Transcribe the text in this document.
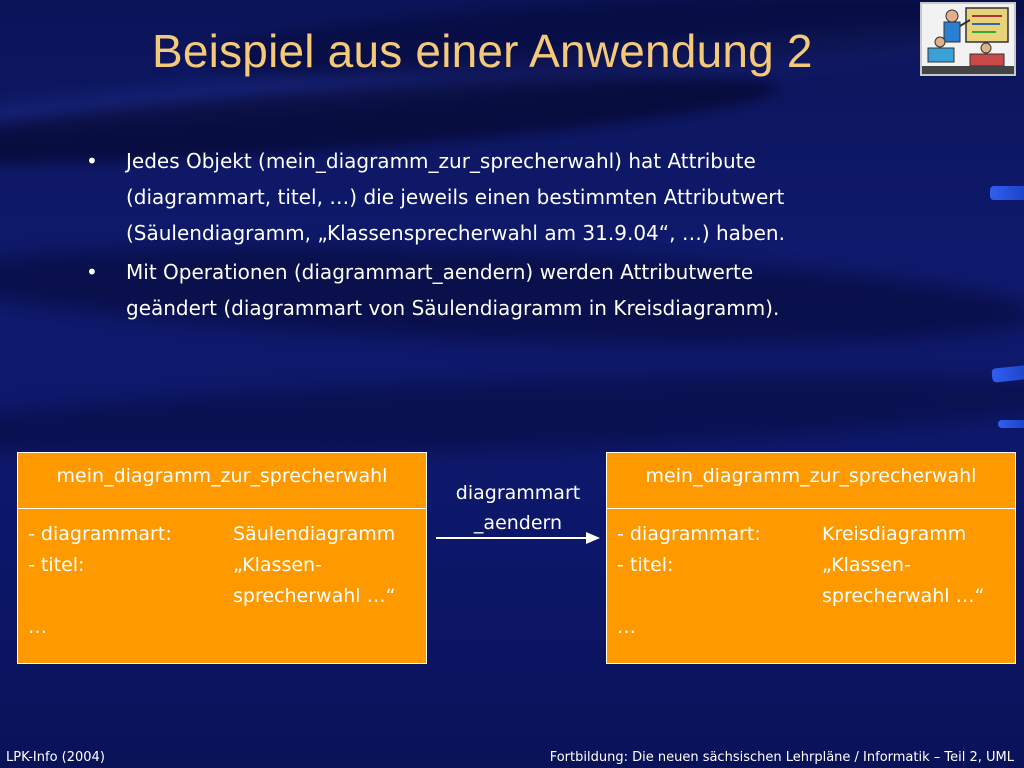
Beispiel aus einer Anwendung 2
• Jedes Objekt (mein_diagramm_zur_sprecherwahl) hat Attribute
(diagrammart, titel, …) die jeweils einen bestimmten Attributwert
(Säulendiagramm, „Klassensprecherwahl am 31.9.04“, …) haben.
• Mit Operationen (diagrammart_aendern) werden Attributwerte
geändert (diagrammart von Säulendiagramm in Kreisdiagramm).
mein_diagramm_zur_sprecherwahl
- diagrammart:	Säulendiagramm
- titel:	„Klassen-
sprecherwahl …“
…
diagrammart
_aendern
mein_diagramm_zur_sprecherwahl
- diagrammart:	Kreisdiagramm
- titel:	„Klassen-
sprecherwahl …“
…
LPK-Info (2004)	Fortbildung: Die neuen sächsischen Lehrpläne / Informatik – Teil 2, UML
